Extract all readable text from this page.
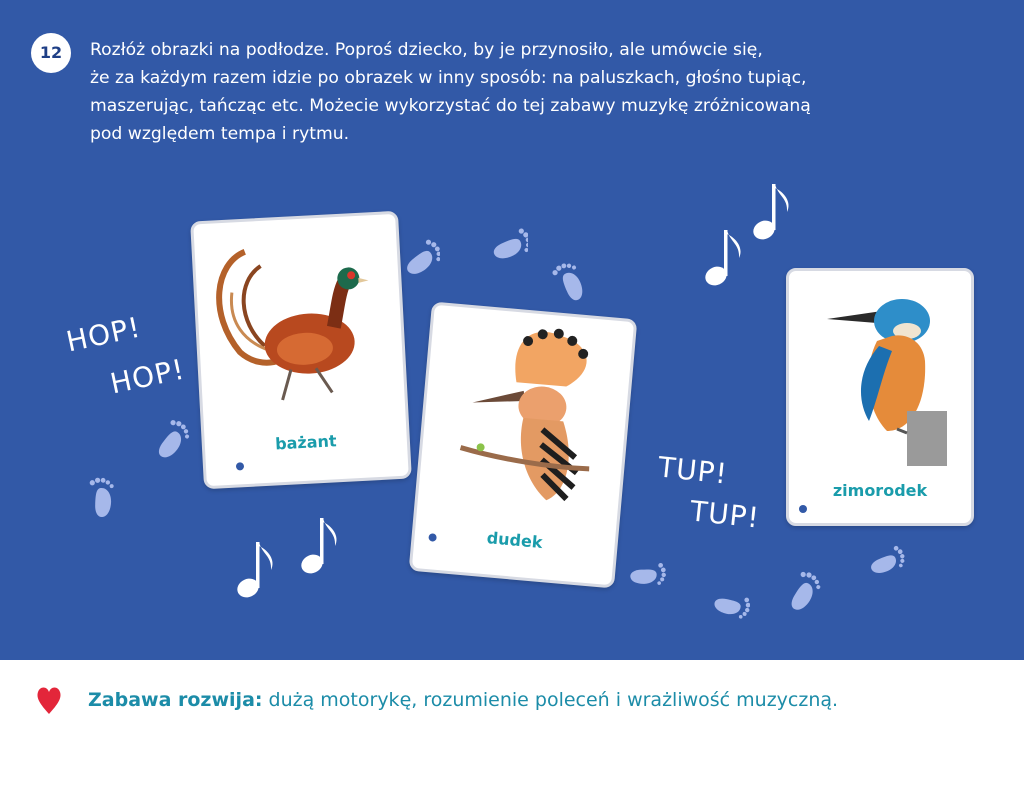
12	Rozłóż obrazki na podłodze. Poproś dziecko, by je przynosiło, ale umówcie się,
że za każdym razem idzie po obrazek w inny sposób: na paluszkach, głośno tupiąc,
maszerując, tańcząc etc. Możecie wykorzystać do tej zabawy muzykę zróżnicowaną
pod względem tempa i rytmu.

bażant
dudek
zimorodek
HOP!
HOP!
TUP!
TUP!

Zabawa rozwija: dużą motorykę, rozumienie poleceń i wrażliwość muzyczną.
